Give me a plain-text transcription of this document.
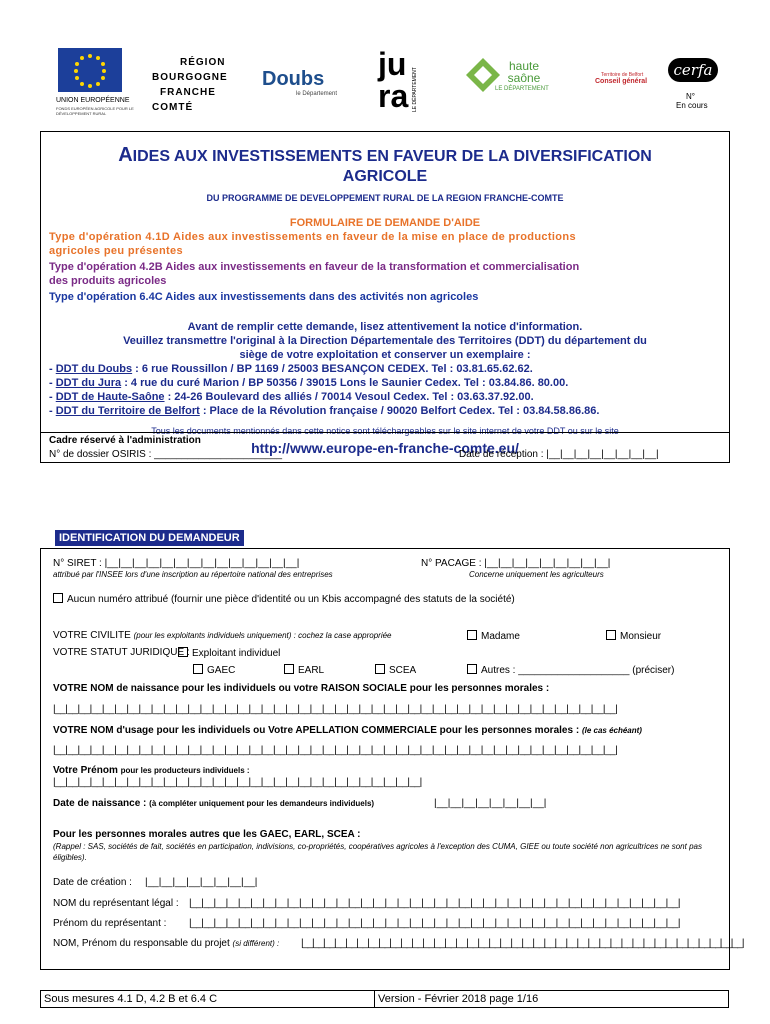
UNION EUROPÉENNE
FONDS EUROPÉEN AGRICOLE POUR LE DÉVELOPPEMENT RURAL
RÉGION
BOURGOGNE
FRANCHE
COMTÉ
Doubs
le Département
ju
ra LE DÉPARTEMENT
haute saône
LE DÉPARTEMENT
Territoire de Belfort
Conseil général
cerfa
N°
En cours
AIDES AUX INVESTISSEMENTS EN FAVEUR DE LA DIVERSIFICATION
AGRICOLE
DU PROGRAMME DE DEVELOPPEMENT RURAL DE LA REGION FRANCHE-COMTE
FORMULAIRE DE DEMANDE D'AIDE
Type d'opération 4.1D Aides aux investissements en faveur de la mise en place de productions
agricoles peu présentes
Type d'opération 4.2B Aides aux investissements en faveur de la transformation et commercialisation
des produits agricoles
Type d'opération 6.4C Aides aux investissements dans des activités non agricoles
Avant de remplir cette demande, lisez attentivement la notice d'information.
Veuillez transmettre l'original à la Direction Départementale des Territoires (DDT) du département du
siège de votre exploitation et conserver un exemplaire :
- DDT du Doubs : 6 rue Roussillon / BP 1169 / 25003 BESANÇON CEDEX. Tel : 03.81.65.62.62.
- DDT du Jura : 4 rue du curé Marion / BP 50356 / 39015 Lons le Saunier Cedex. Tel : 03.84.86. 80.00.
- DDT de Haute-Saône : 24-26 Boulevard des alliés / 70014 Vesoul Cedex. Tel : 03.63.37.92.00.
- DDT du Territoire de Belfort : Place de la Révolution française / 90020 Belfort Cedex. Tel : 03.84.58.86.86.
Tous les documents mentionnés dans cette notice sont téléchargeables sur le site internet de votre DDT ou sur le site
http://www.europe-en-franche-comte.eu/
Cadre réservé à l'administration
N° de dossier OSIRIS : _______________________	Date de réception : |__|__|__|__|__|__|__|__|
IDENTIFICATION DU DEMANDEUR
N° SIRET : |__|__|__|__|__|__|__|__|__|__|__|__|__|__|
attribué par l'INSEE lors d'une inscription au répertoire national des entreprises
N° PACAGE : |__|__|__|__|__|__|__|__|__|
Concerne uniquement les agriculteurs
Aucun numéro attribué (fournir une pièce d'identité ou un Kbis accompagné des statuts de la société)
VOTRE CIVILITE (pour les exploitants individuels uniquement) : cochez la case appropriée	Madame	Monsieur
VOTRE STATUT JURIDIQUE : Exploitant individuel
GAEC	EARL	SCEA	Autres : ____________________ (préciser)
VOTRE NOM de naissance pour les individuels ou votre RAISON SOCIALE pour les personnes morales :
|__|__|__|__|__|__|__|__|__|__|__|__|__|__|__|__|__|__|__|__|__|__|__|__|__|__|__|__|__|__|__|__|__|__|__|__|__|__|__|__|__|__|__|__|__|__|
VOTRE NOM d'usage pour les individuels ou Votre APELLATION COMMERCIALE pour les personnes morales : (le cas échéant)
|__|__|__|__|__|__|__|__|__|__|__|__|__|__|__|__|__|__|__|__|__|__|__|__|__|__|__|__|__|__|__|__|__|__|__|__|__|__|__|__|__|__|__|__|__|__|
Votre Prénom pour les producteurs individuels :
|__|__|__|__|__|__|__|__|__|__|__|__|__|__|__|__|__|__|__|__|__|__|__|__|__|__|__|__|__|__|
Date de naissance : (à compléter uniquement pour les demandeurs individuels)	|__|__|__|__|__|__|__|__|
Pour les personnes morales autres que les GAEC, EARL, SCEA :
(Rappel : SAS, sociétés de fait, sociétés en participation, indivisions, co-propriétés, coopératives agricoles à l'exception des CUMA, GIEE ou toute société non agricultrices ne sont pas éligibles).
Date de création : |__|__|__|__|__|__|__|__|
NOM du représentant légal : |__|__|__|__|__|__|__|__|__|__|__|__|__|__|__|__|__|__|__|__|__|__|__|__|__|__|__|__|__|__|__|__|__|__|__|__|__|__|__|__|
Prénom du représentant : |__|__|__|__|__|__|__|__|__|__|__|__|__|__|__|__|__|__|__|__|__|__|__|__|__|__|__|__|__|__|__|__|__|__|__|__|__|__|__|__|
NOM, Prénom du responsable du projet (si différent) : |__|__|__|__|__|__|__|__|__|__|__|__|__|__|__|__|__|__|__|__|__|__|__|__|__|__|__|__|__|__|__|__|__|__|__|__|__|__|__|__|
Sous mesures 4.1 D, 4.2 B et 6.4 C	Version - Février 2018 page 1/16
